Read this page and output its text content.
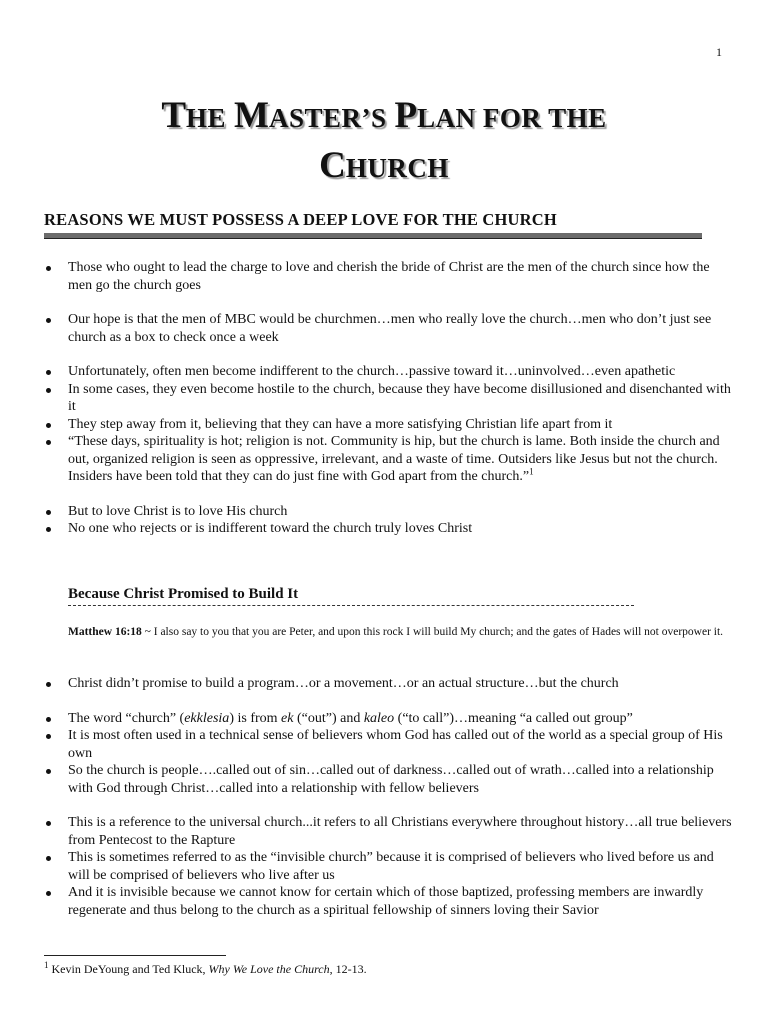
1
THE MASTER’S PLAN FOR THE
CHURCH
REASONS WE MUST POSSESS A DEEP LOVE FOR THE CHURCH
Those who ought to lead the charge to love and cherish the bride of Christ are the men of the church since how the men go the church goes
Our hope is that the men of MBC would be churchmen…men who really love the church…men who don’t just see church as a box to check once a week
Unfortunately, often men become indifferent to the church…passive toward it…uninvolved…even apathetic
In some cases, they even become hostile to the church, because they have become disillusioned and disenchanted with it
They step away from it, believing that they can have a more satisfying Christian life apart from it
“These days, spirituality is hot; religion is not. Community is hip, but the church is lame. Both inside the church and out, organized religion is seen as oppressive, irrelevant, and a waste of time. Outsiders like Jesus but not the church. Insiders have been told that they can do just fine with God apart from the church.”$^1$
But to love Christ is to love His church
No one who rejects or is indifferent toward the church truly loves Christ
Because Christ Promised to Build It
Matthew 16:18 ~ I also say to you that you are Peter, and upon this rock I will build My church; and the gates of Hades will not overpower it.
Christ didn’t promise to build a program…or a movement…or an actual structure…but the church
The word “church” (ekklesia) is from ek (“out”) and kaleo (“to call”)…meaning “a called out group”
It is most often used in a technical sense of believers whom God has called out of the world as a special group of His own
So the church is people….called out of sin…called out of darkness…called out of wrath…called into a relationship with God through Christ…called into a relationship with fellow believers
This is a reference to the universal church...it refers to all Christians everywhere throughout history…all true believers from Pentecost to the Rapture
This is sometimes referred to as the “invisible church” because it is comprised of believers who lived before us and will be comprised of believers who live after us
And it is invisible because we cannot know for certain which of those baptized, professing members are inwardly regenerate and thus belong to the church as a spiritual fellowship of sinners loving their Savior
$^1$ Kevin DeYoung and Ted Kluck, Why We Love the Church, 12-13.
